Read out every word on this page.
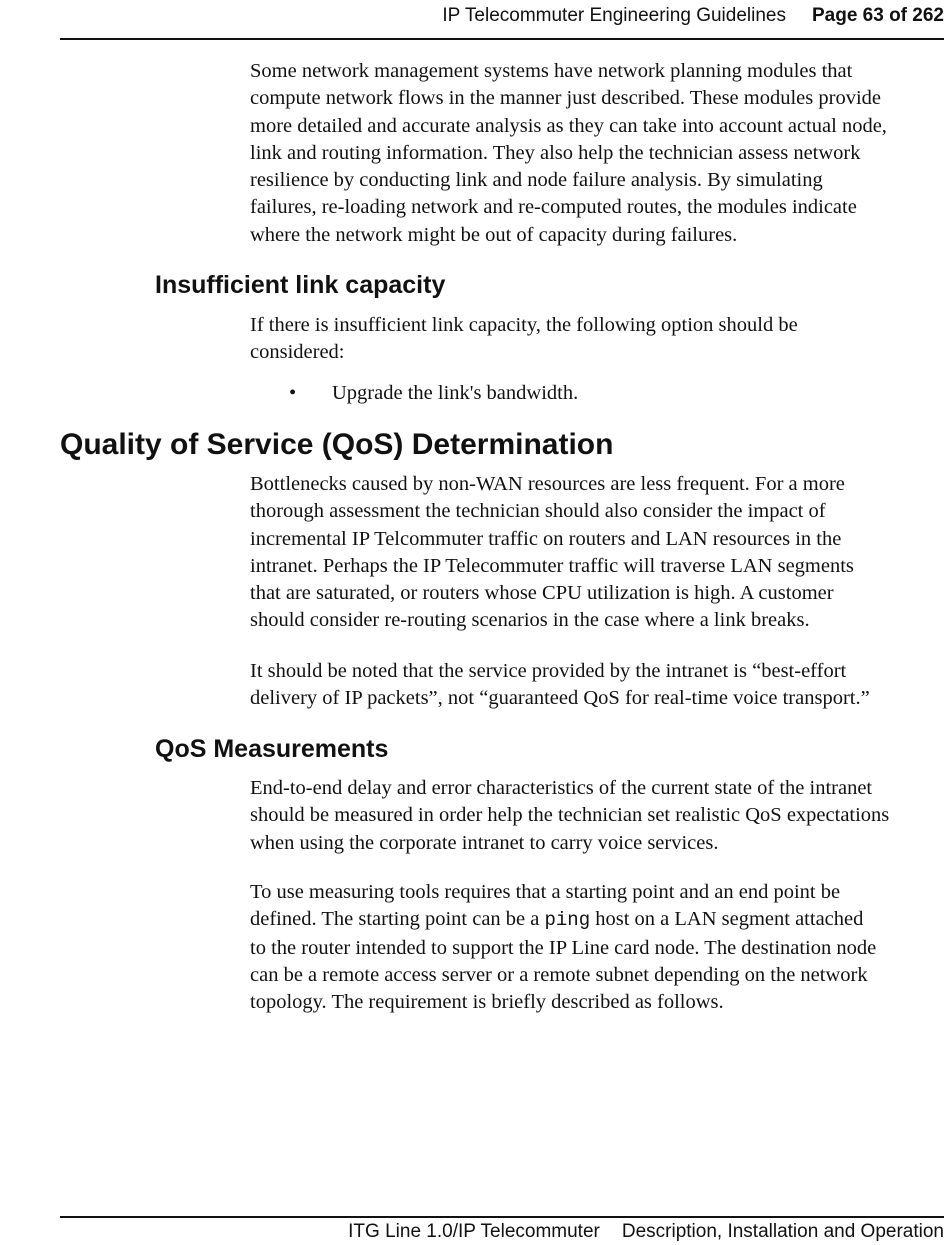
IP Telecommuter Engineering Guidelines Page 63 of 262

Some network management systems have network planning modules that
compute network flows in the manner just described. These modules provide
more detailed and accurate analysis as they can take into account actual node,
link and routing information. They also help the technician assess network
resilience by conducting link and node failure analysis. By simulating
failures, re-loading network and re-computed routes, the modules indicate
where the network might be out of capacity during failures.

Insufficient link capacity

If there is insufficient link capacity, the following option should be
considered:

• Upgrade the link's bandwidth.
Quality of Service (QoS) Determination

Bottlenecks caused by non-WAN resources are less frequent. For a more
thorough assessment the technician should also consider the impact of
incremental IP Telcommuter traffic on routers and LAN resources in the
intranet. Perhaps the IP Telecommuter traffic will traverse LAN segments
that are saturated, or routers whose CPU utilization is high. A customer
should consider re-routing scenarios in the case where a link breaks.

It should be noted that the service provided by the intranet is “best-effort
delivery of IP packets”, not “guaranteed QoS for real-time voice transport.”

QoS Measurements

End-to-end delay and error characteristics of the current state of the intranet
should be measured in order help the technician set realistic QoS expectations
when using the corporate intranet to carry voice services.

To use measuring tools requires that a starting point and an end point be
defined. The starting point can be a ping host on a LAN segment attached
to the router intended to support the IP Line card node. The destination node
can be a remote access server or a remote subnet depending on the network
topology. The requirement is briefly described as follows.

ITG Line 1.0/IP Telecommuter Description, Installation and Operation
